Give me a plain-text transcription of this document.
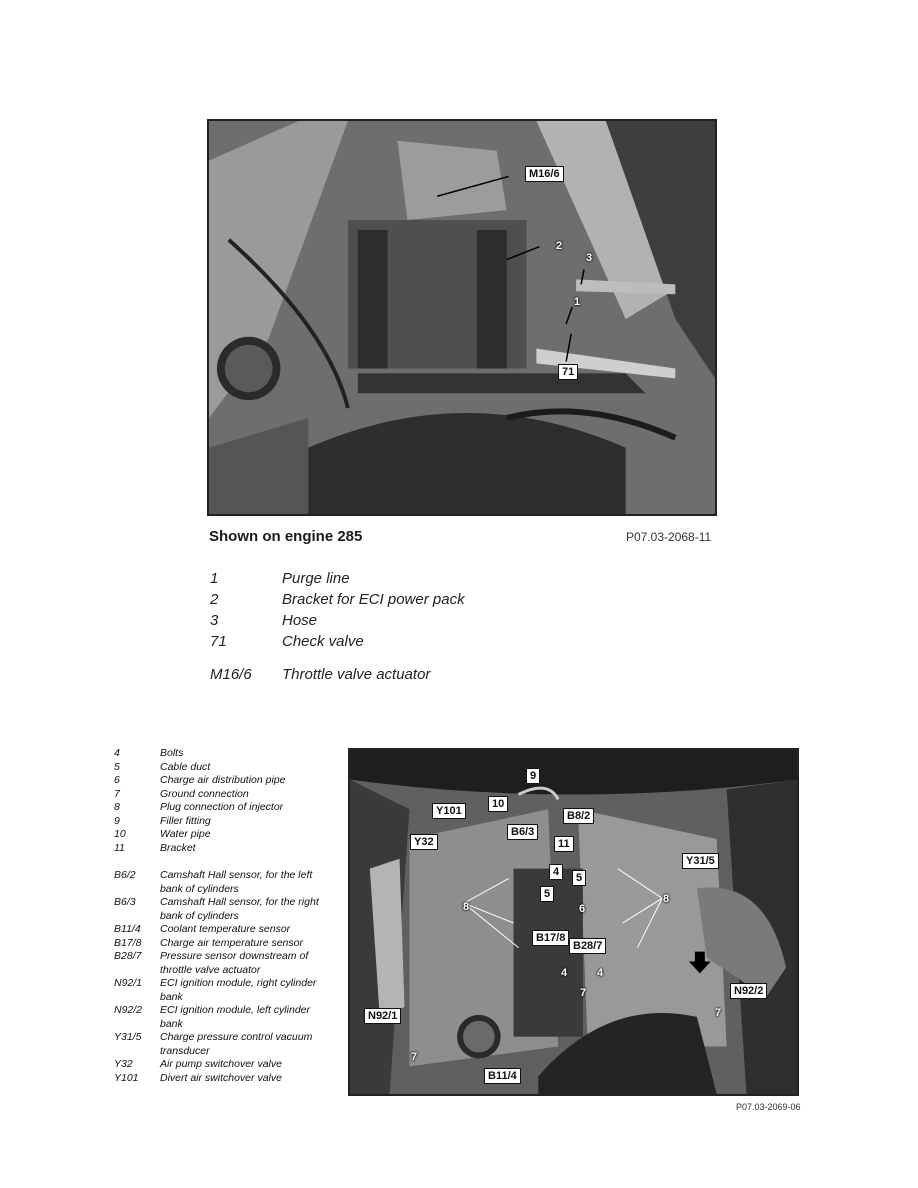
M16/6
2
3
1
71
Shown on engine 285	P07.03-2068-11
1	Purge line
2	Bracket for ECI power pack
3	Hose
71	Check valve
M16/6	Throttle valve actuator
4	Bolts
5	Cable duct
6	Charge air distribution pipe
7	Ground connection
8	Plug connection of injector
9	Filler fitting
10	Water pipe
11	Bracket
B6/2	Camshaft Hall sensor, for the left bank of cylinders
B6/3	Camshaft Hall sensor, for the right bank of cylinders
B11/4	Coolant temperature sensor
B17/8	Charge air temperature sensor
B28/7	Pressure sensor downstream of throttle valve actuator
N92/1	ECI ignition module, right cylinder bank
N92/2	ECI ignition module, left cylinder bank
Y31/5	Charge pressure control vacuum transducer
Y32	Air pump switchover valve
Y101	Divert air switchover valve
9
10
Y101	B8/2
B6/3
Y32	11
Y31/5
5
4
5
8	6
8
B17/8
B28/7
7
4	4
N92/2
N92/1	7
7
B11/4
P07.03-2069-06
